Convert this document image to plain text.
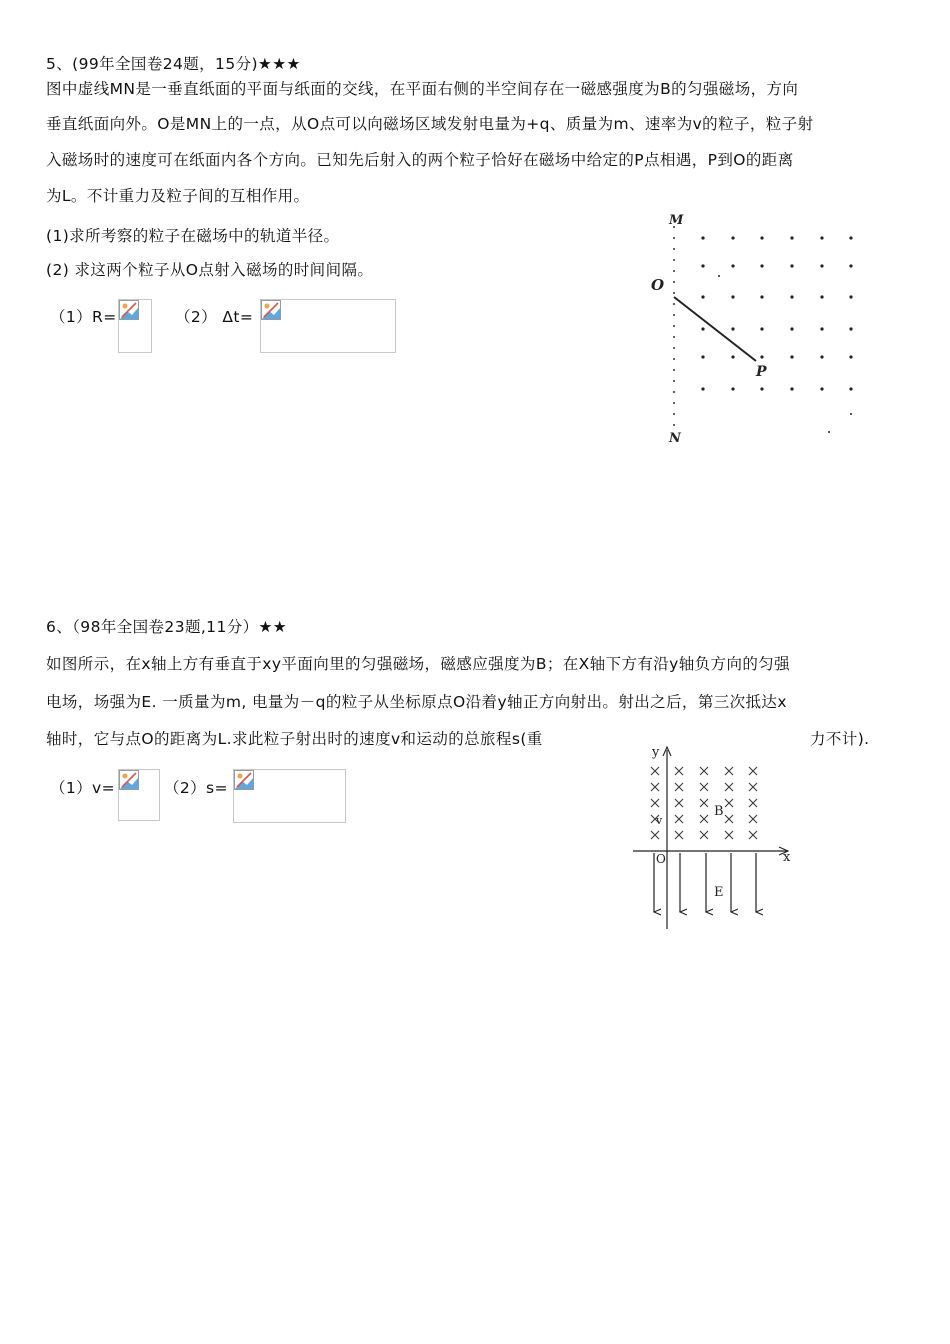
5、(99年全国卷24题，15分)★★★
图中虚线MN是一垂直纸面的平面与纸面的交线，在平面右侧的半空间存在一磁感强度为B的匀强磁场，方向
垂直纸面向外。O是MN上的一点，从O点可以向磁场区域发射电量为+q、质量为m、速率为v的粒子，粒子射
入磁场时的速度可在纸面内各个方向。已知先后射入的两个粒子恰好在磁场中给定的P点相遇，P到O的距离
为L。不计重力及粒子间的互相作用。
(1)求所考察的粒子在磁场中的轨道半径。
(2) 求这两个粒子从O点射入磁场的时间间隔。
（1）R=	（2） Δt=
M
O
P
N
6、（98年全国卷23题,11分）★★
如图所示，在x轴上方有垂直于xy平面向里的匀强磁场，磁感应强度为B；在X轴下方有沿y轴负方向的匀强
电场，场强为E. 一质量为m, 电量为－q的粒子从坐标原点O沿着y轴正方向射出。射出之后，第三次抵达x
轴时，它与点O的距离为L.求此粒子射出时的速度v和运动的总旅程s(重	力不计).
（1）v=	（2）s=
y
x
B
v
O
E
